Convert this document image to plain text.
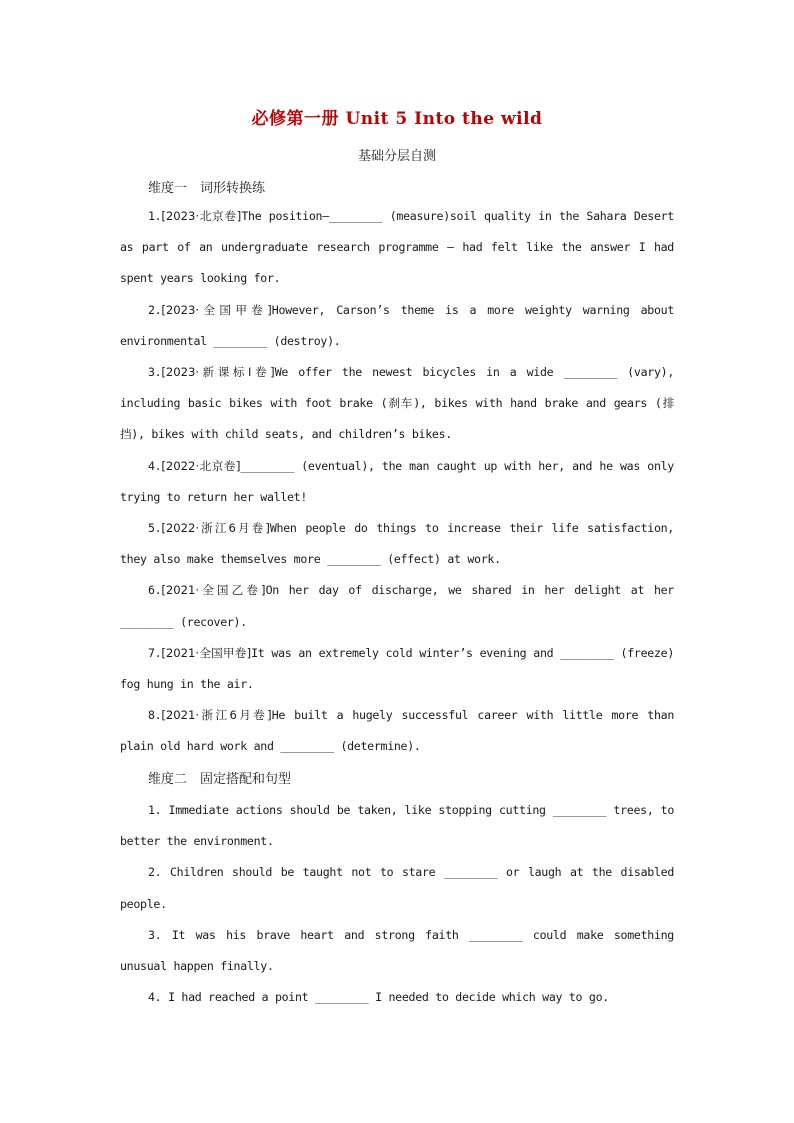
必修第一册 Unit 5 Into the wild
基础分层自测
维度一　词形转换练

1.[2023·北京卷]The position—________ (measure)soil quality in the Sahara Desert as part of an undergraduate research programme — had felt like the answer I had spent years looking for.

2.[2023·全国甲卷]However, Carson’s theme is a more weighty warning about environmental ________ (destroy).

3.[2023·新课标Ⅰ卷]We offer the newest bicycles in a wide ________ (vary), including basic bikes with foot brake (刹车), bikes with hand brake and gears (排挡), bikes with child seats, and children’s bikes.

4.[2022·北京卷]________ (eventual), the man caught up with her, and he was only trying to return her wallet!

5.[2022·浙江6月卷]When people do things to increase their life satisfaction, they also make themselves more ________ (effect) at work.

6.[2021·全国乙卷]On her day of discharge, we shared in her delight at her ________ (recover).

7.[2021·全国甲卷]It was an extremely cold winter’s evening and ________ (freeze) fog hung in the air.

8.[2021·浙江6月卷]He built a hugely successful career with little more than plain old hard work and ________ (determine).

维度二　固定搭配和句型

1. Immediate actions should be taken, like stopping cutting ________ trees, to better the environment.

2. Children should be taught not to stare ________ or laugh at the disabled people.

3. It was his brave heart and strong faith ________ could make something unusual happen finally.

4. I had reached a point ________ I needed to decide which way to go.
